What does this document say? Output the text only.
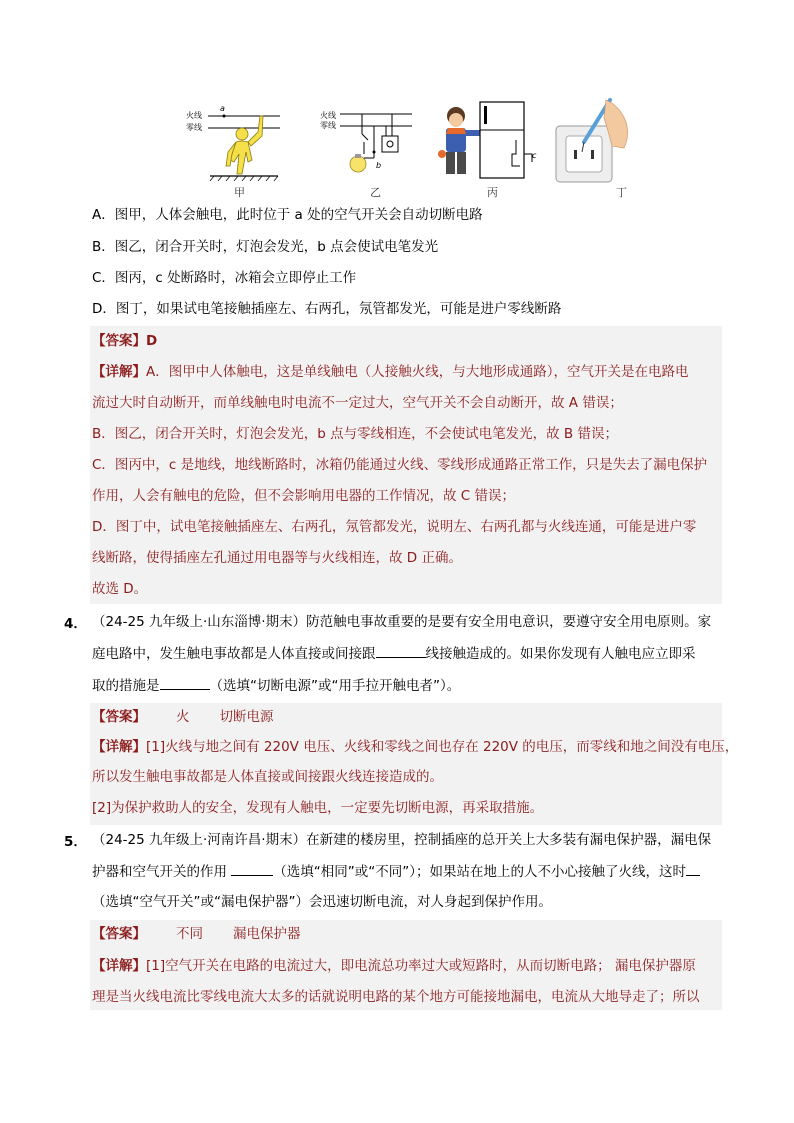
火线
零线
a
火线
零线
b
c
甲	乙	丙	丁
A．图甲，人体会触电，此时位于 a 处的空气开关会自动切断电路
B．图乙，闭合开关时，灯泡会发光，b 点会使试电笔发光
C．图丙，c 处断路时，冰箱会立即停止工作
D．图丁，如果试电笔接触插座左、右两孔，氖管都发光，可能是进户零线断路
【答案】D
【详解】A．图甲中人体触电，这是单线触电（人接触火线，与大地形成通路），空气开关是在电路电
流过大时自动断开，而单线触电时电流不一定过大，空气开关不会自动断开，故 A 错误；
B．图乙，闭合开关时，灯泡会发光，b 点与零线相连，不会使试电笔发光，故 B 错误；
C．图丙中，c 是地线，地线断路时，冰箱仍能通过火线、零线形成通路正常工作，只是失去了漏电保护
作用，人会有触电的危险，但不会影响用电器的工作情况，故 C 错误；
D．图丁中，试电笔接触插座左、右两孔，氖管都发光，说明左、右两孔都与火线连通，可能是进户零
线断路，使得插座左孔通过用电器等与火线相连，故 D 正确。
故选 D。
4． （24-25 九年级上·山东淄博·期末）防范触电事故重要的是要有安全用电意识，要遵守安全用电原则。家
庭电路中，发生触电事故都是人体直接或间接跟	线接触造成的。如果你发现有人触电应立即采
取的措施是	（选填“切断电源”或“用手拉开触电者”）。
【答案】 火 切断电源
【详解】[1]火线与地之间有 220V 电压、火线和零线之间也存在 220V 的电压，而零线和地之间没有电压，
所以发生触电事故都是人体直接或间接跟火线连接造成的。
[2]为保护救助人的安全，发现有人触电，一定要先切断电源，再采取措施。
5． （24-25 九年级上·河南许昌·期末）在新建的楼房里，控制插座的总开关上大多装有漏电保护器，漏电保
护器和空气开关的作用	（选填“相同”或“不同”）；如果站在地上的人不小心接触了火线，这时
（选填“空气开关”或“漏电保护器”）会迅速切断电流，对人身起到保护作用。
【答案】 不同 漏电保护器
【详解】[1]空气开关在电路的电流过大，即电流总功率过大或短路时，从而切断电路； 漏电保护器原
理是当火线电流比零线电流大太多的话就说明电路的某个地方可能接地漏电，电流从大地导走了；所以
